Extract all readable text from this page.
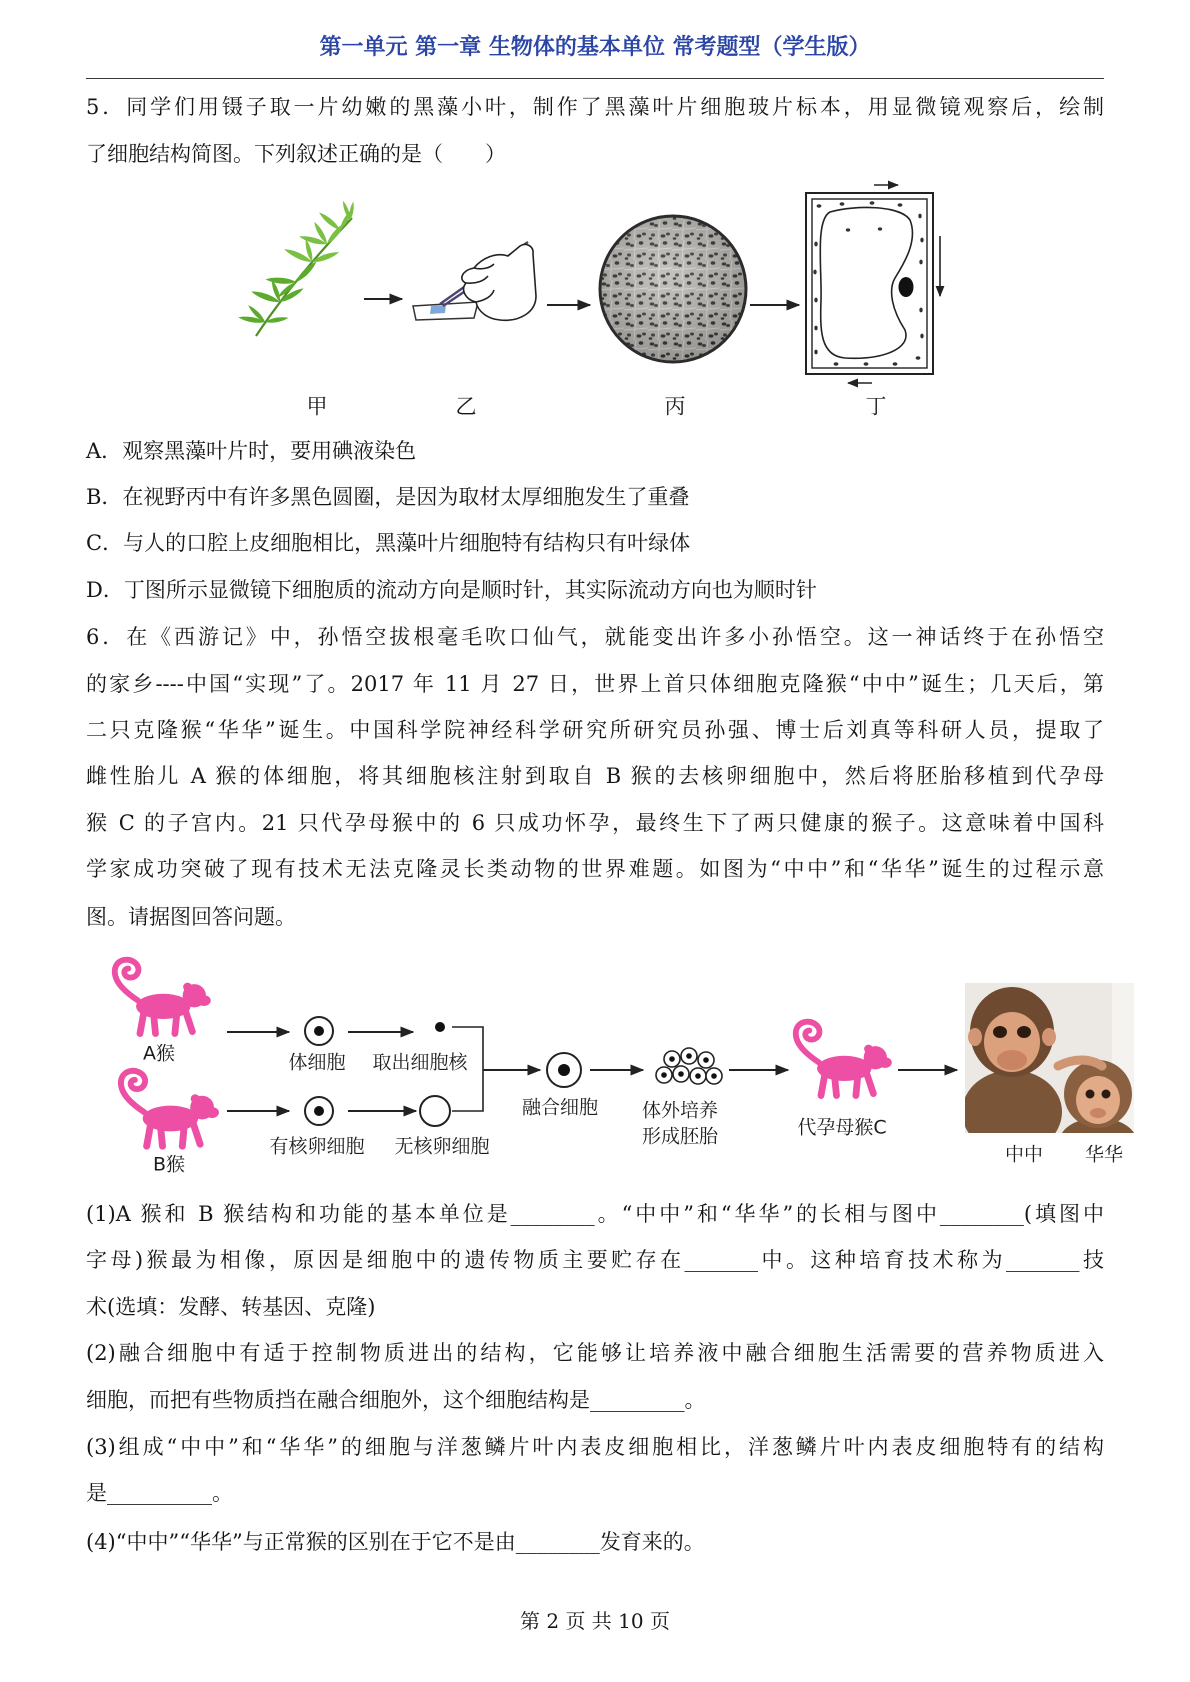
第一单元 第一章 生物体的基本单位 常考题型（学生版）
5．同学们用镊子取一片幼嫩的黑藻小叶，制作了黑藻叶片细胞玻片标本，用显微镜观察后，绘制
了细胞结构简图。下列叙述正确的是（　　）
甲	乙	丙	丁
A．观察黑藻叶片时，要用碘液染色
B．在视野丙中有许多黑色圆圈，是因为取材太厚细胞发生了重叠
C．与人的口腔上皮细胞相比，黑藻叶片细胞特有结构只有叶绿体
D．丁图所示显微镜下细胞质的流动方向是顺时针，其实际流动方向也为顺时针
6．在《西游记》中，孙悟空拔根毫毛吹口仙气，就能变出许多小孙悟空。这一神话终于在孙悟空
的家乡----中国“实现”了。2017 年 11 月 27 日，世界上首只体细胞克隆猴“中中”诞生；几天后，第
二只克隆猴“华华”诞生。中国科学院神经科学研究所研究员孙强、博士后刘真等科研人员，提取了
雌性胎儿 A 猴的体细胞，将其细胞核注射到取自 B 猴的去核卵细胞中，然后将胚胎移植到代孕母
猴 C 的子宫内。21 只代孕母猴中的 6 只成功怀孕，最终生下了两只健康的猴子。这意味着中国科
学家成功突破了现有技术无法克隆灵长类动物的世界难题。如图为“中中”和“华华”诞生的过程示意
图。请据图回答问题。
A猴
B猴
体细胞 取出细胞核
有核卵细胞 无核卵细胞
融合细胞 体外培养
形成胚胎	代孕母猴C
中中 华华
(1)A 猴和 B 猴结构和功能的基本单位是________。“中中”和“华华”的长相与图中________(填图中
字母)猴最为相像，原因是细胞中的遗传物质主要贮存在_______中。这种培育技术称为_______技
术(选填：发酵、转基因、克隆)
(2)融合细胞中有适于控制物质进出的结构，它能够让培养液中融合细胞生活需要的营养物质进入
细胞，而把有些物质挡在融合细胞外，这个细胞结构是_________。
(3)组成“中中”和“华华”的细胞与洋葱鳞片叶内表皮细胞相比，洋葱鳞片叶内表皮细胞特有的结构
是__________。
(4)“中中”“华华”与正常猴的区别在于它不是由________发育来的。
第 2 页 共 10 页
